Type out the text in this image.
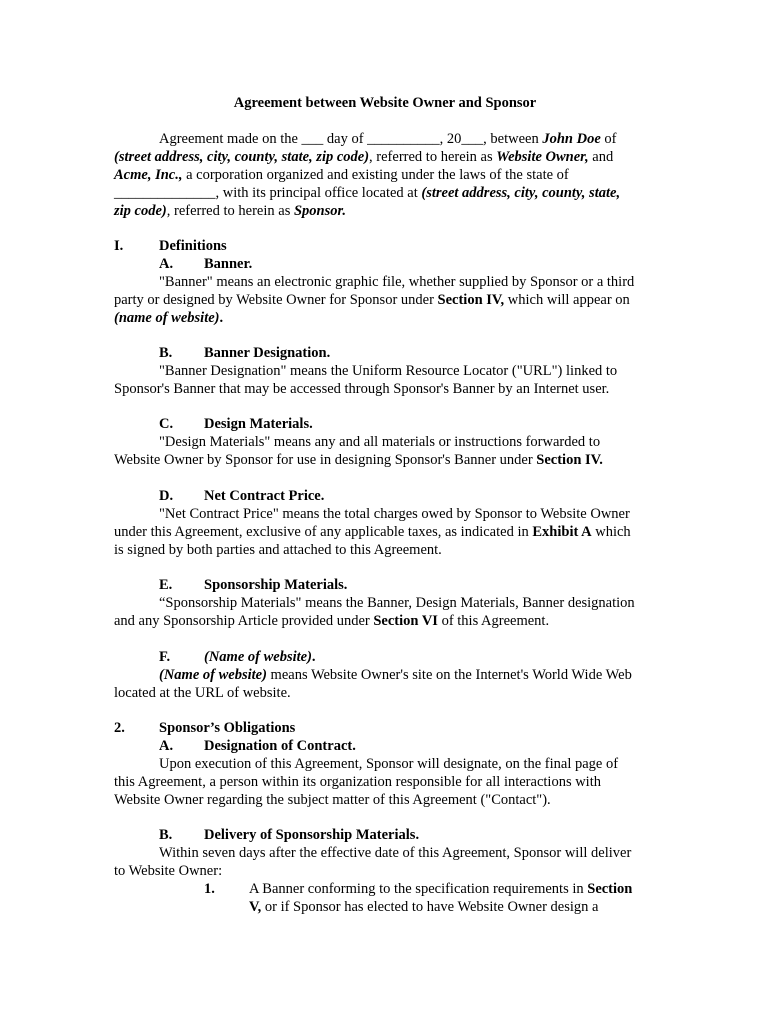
Agreement between Website Owner and Sponsor
Agreement made on the ___ day of __________, 20___, between John Doe of
(street address, city, county, state, zip code), referred to herein as Website Owner, and
Acme, Inc., a corporation organized and existing under the laws of the state of
______________, with its principal office located at (street address, city, county, state,
zip code), referred to herein as Sponsor.
I. Definitions
A. Banner.
"Banner" means an electronic graphic file, whether supplied by Sponsor or a third
party or designed by Website Owner for Sponsor under Section IV, which will appear on
(name of website).
B. Banner Designation.
"Banner Designation" means the Uniform Resource Locator ("URL") linked to
Sponsor's Banner that may be accessed through Sponsor's Banner by an Internet user.
C. Design Materials.
"Design Materials" means any and all materials or instructions forwarded to
Website Owner by Sponsor for use in designing Sponsor's Banner under Section IV.
D. Net Contract Price.
"Net Contract Price" means the total charges owed by Sponsor to Website Owner
under this Agreement, exclusive of any applicable taxes, as indicated in Exhibit A which
is signed by both parties and attached to this Agreement.
E. Sponsorship Materials.
“Sponsorship Materials" means the Banner, Design Materials, Banner designation
and any Sponsorship Article provided under Section VI of this Agreement.
F. (Name of website).
(Name of website) means Website Owner's site on the Internet's World Wide Web
located at the URL of website.
2. Sponsor’s Obligations
A. Designation of Contract.
Upon execution of this Agreement, Sponsor will designate, on the final page of
this Agreement, a person within its organization responsible for all interactions with
Website Owner regarding the subject matter of this Agreement ("Contact").
B. Delivery of Sponsorship Materials.
Within seven days after the effective date of this Agreement, Sponsor will deliver
to Website Owner:
1. A Banner conforming to the specification requirements in Section
V, or if Sponsor has elected to have Website Owner design a
